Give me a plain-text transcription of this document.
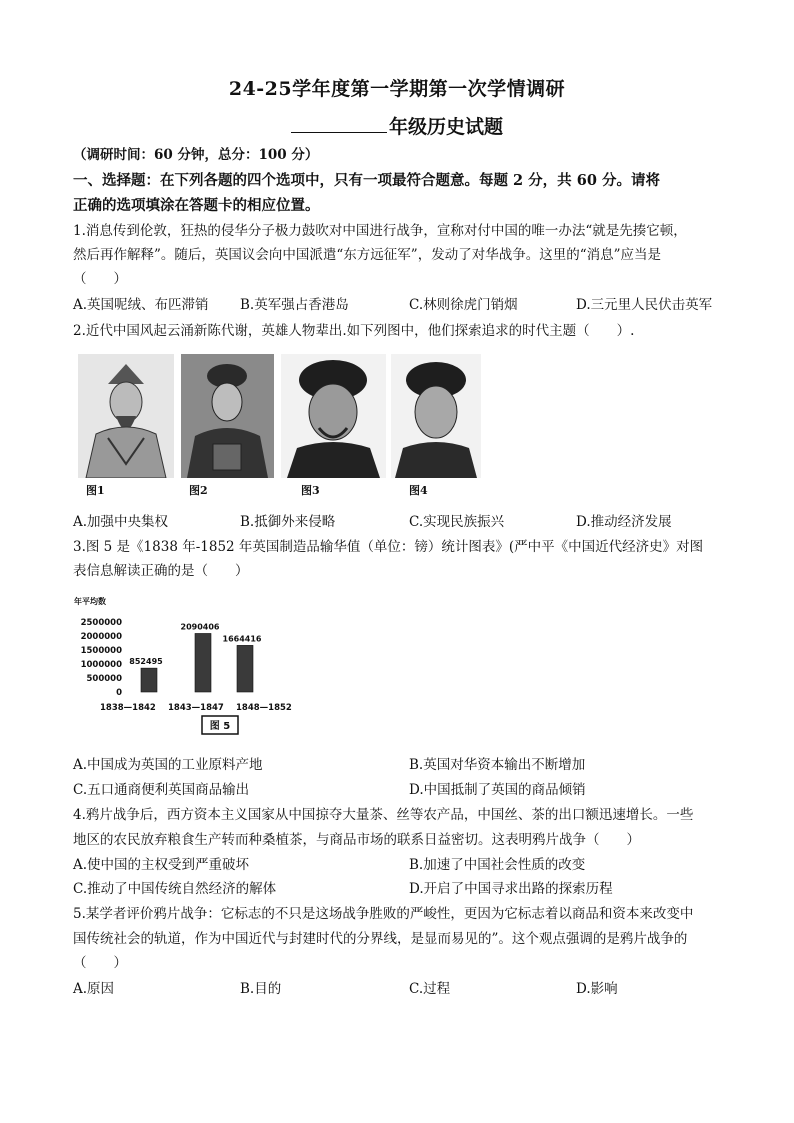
24-25学年度第一学期第一次学情调研
年级历史试题
（调研时间：60 分钟，总分：100 分）
一、选择题：在下列各题的四个选项中，只有一项最符合题意。每题 2 分，共 60 分。请将
正确的选项填涂在答题卡的相应位置。
1.消息传到伦敦，狂热的侵华分子极力鼓吹对中国进行战争，宣称对付中国的唯一办法“就是先揍它顿，
然后再作解释”。随后，英国议会向中国派遣“东方远征军”，发动了对华战争。这里的“消息”应当是
（　　）
A.英国呢绒、布匹滞销 B.英军强占香港岛	C.林则徐虎门销烟	D.三元里人民伏击英军
2.近代中国风起云涌新陈代谢，英雄人物辈出.如下列图中，他们探索追求的时代主题（　　）.
图1	图2	图3	图4
A.加强中央集权	B.抵御外来侵略	C.实现民族振兴	D.推动经济发展
3.图 5 是《1838 年-1852 年英国制造品输华值（单位：镑）统计图表》(严中平《中国近代经济史》对图
表信息解读正确的是（　　）
年平均数
2500000
2000000
1500000
1000000
500000
0
852495
2090406
1664416
1838—1842 1843—1847 1848—1852
图 5
A.中国成为英国的工业原料产地	B.英国对华资本输出不断增加
C.五口通商便利英国商品输出	D.中国抵制了英国的商品倾销
4.鸦片战争后，西方资本主义国家从中国掠夺大量茶、丝等农产品，中国丝、茶的出口额迅速增长。一些
地区的农民放弃粮食生产转而种桑植茶，与商品市场的联系日益密切。这表明鸦片战争（　　）
A.使中国的主权受到严重破坏	B.加速了中国社会性质的改变
C.推动了中国传统自然经济的解体	D.开启了中国寻求出路的探索历程
5.某学者评价鸦片战争：它标志的不只是这场战争胜败的严峻性，更因为它标志着以商品和资本来改变中
国传统社会的轨道，作为中国近代与封建时代的分界线，是显而易见的”。这个观点强调的是鸦片战争的
（　　）
A.原因	B.目的	C.过程	D.影响
